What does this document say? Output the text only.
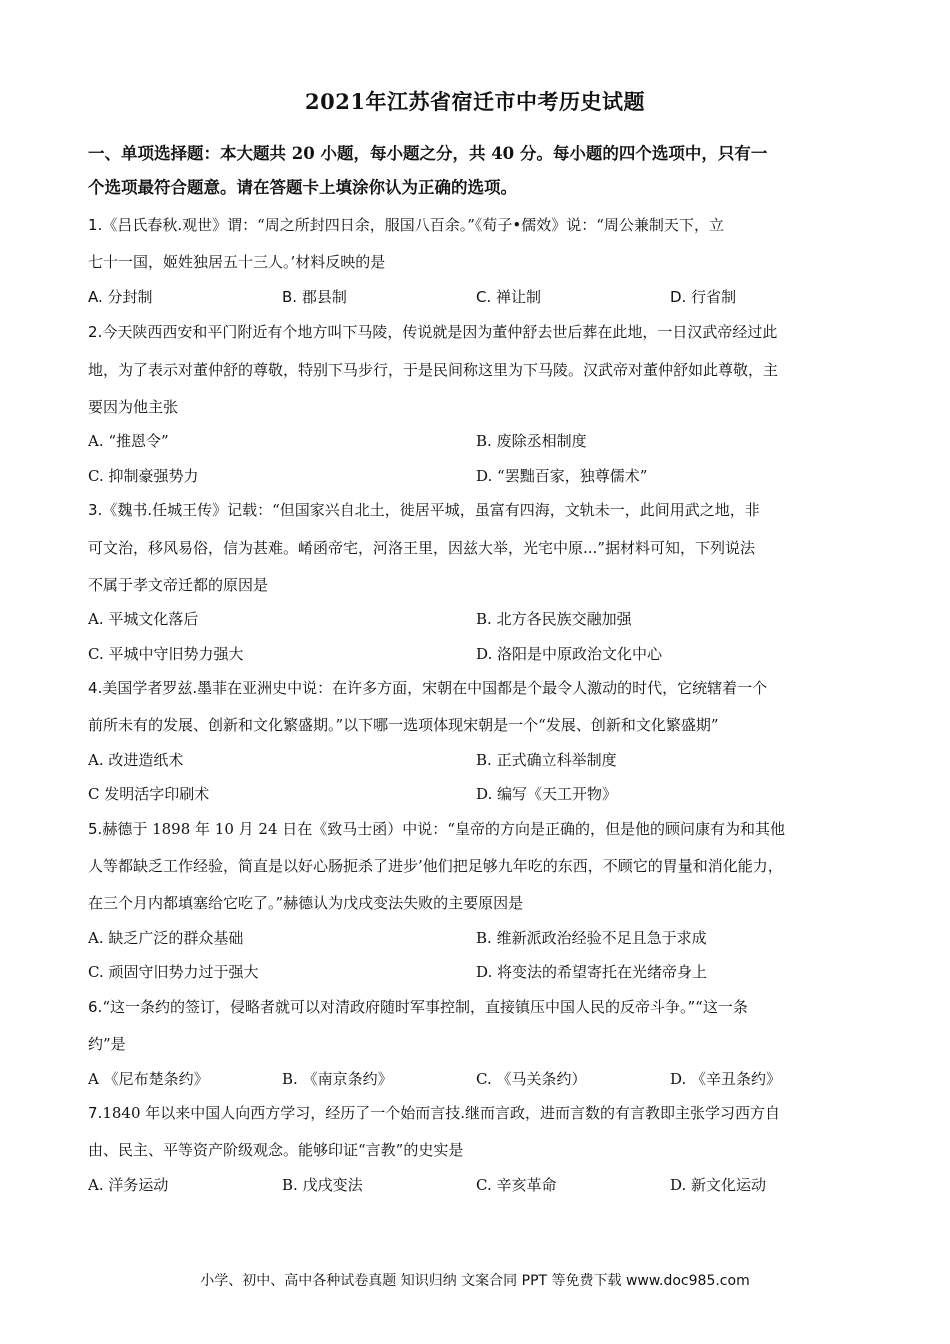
2021年江苏省宿迁市中考历史试题
一、单项选择题：本大题共 20 小题，每小题之分，共 40 分。每小题的四个选项中，只有一
个选项最符合题意。请在答题卡上填涂你认为正确的选项。
1.《吕氏春秋.观世》谓：“周之所封四日余，服国八百余。”《荀子•儒效》说：“周公兼制天下，立
七十一国，姬姓独居五十三人。’材料反映的是
A. 分封制	B. 郡县制	C. 禅让制	D. 行省制
2.今天陕西西安和平门附近有个地方叫下马陵，传说就是因为董仲舒去世后葬在此地，一日汉武帝经过此
地，为了表示对董仲舒的尊敬，特别下马步行，于是民间称这里为下马陵。汉武帝对董仲舒如此尊敬，主
要因为他主张
A. “推恩令”	B. 废除丞相制度
C. 抑制豪强势力	D. “罢黜百家，独尊儒术”
3.《魏书.任城王传》记载：“但国家兴自北土，徙居平城，虽富有四海，文轨未一，此间用武之地，非
可文治，移风易俗，信为甚难。崤函帝宅，河洛王里，因兹大举，光宅中原...”据材料可知，下列说法
不属于孝文帝迁都的原因是
A. 平城文化落后	B. 北方各民族交融加强
C. 平城中守旧势力强大	D. 洛阳是中原政治文化中心
4.美国学者罗兹.墨菲在亚洲史中说：在许多方面，宋朝在中国都是个最令人激动的时代，它统辖着一个
前所未有的发展、创新和文化繁盛期。”以下哪一选项体现宋朝是一个“发展、创新和文化繁盛期”
A. 改进造纸术	B. 正式确立科举制度
C 发明活字印刷术	D. 编写《天工开物》
5.赫德于 1898 年 10 月 24 日在《致马士函）中说：“皇帝的方向是正确的，但是他的顾问康有为和其他
人等都缺乏工作经验，简直是以好心肠扼杀了进步’他们把足够九年吃的东西，不顾它的胃量和消化能力，
在三个月内都填塞给它吃了。”赫德认为戊戌变法失败的主要原因是
A. 缺乏广泛的群众基础	B. 维新派政治经验不足且急于求成
C. 顽固守旧势力过于强大	D. 将变法的希望寄托在光绪帝身上
6.“这一条约的签订，侵略者就可以对清政府随时军事控制，直接镇压中国人民的反帝斗争。”“这一条
约”是
A 《尼布楚条约》	B. 《南京条约》	C. 《马关条约）	D. 《辛丑条约》
7.1840 年以来中国人向西方学习，经历了一个始而言技.继而言政，进而言数的有言教即主张学习西方自
由、民主、平等资产阶级观念。能够印证“言教”的史实是
A. 洋务运动	B. 戊戌变法	C. 辛亥革命	D. 新文化运动
小学、初中、高中各种试卷真题 知识归纳 文案合同 PPT 等免费下载 www.doc985.com
